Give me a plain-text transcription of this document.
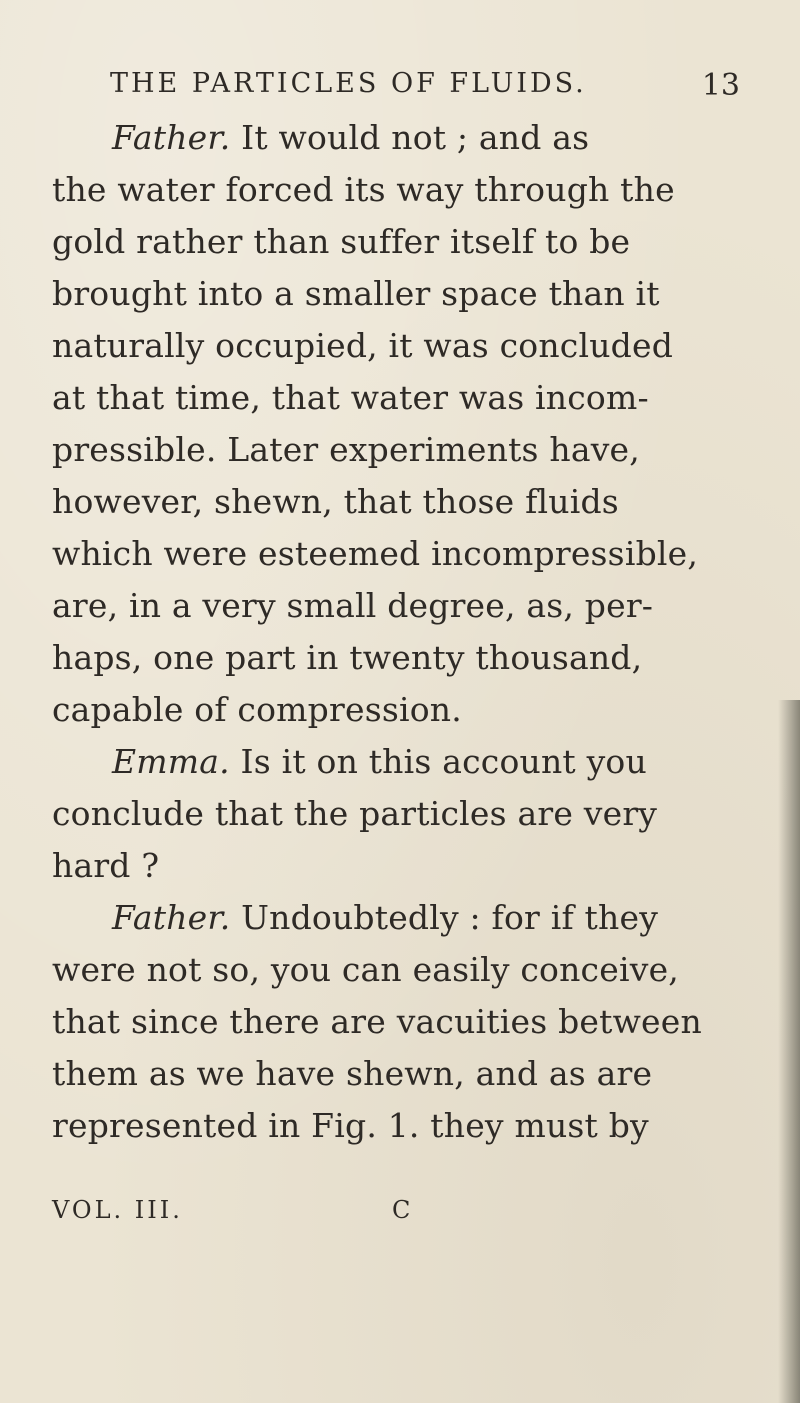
THE PARTICLES OF FLUIDS.	13
Father. It would not ; and as
the water forced its way through the
gold rather than suffer itself to be
brought into a smaller space than it
naturally occupied, it was concluded
at that time, that water was incom-
pressible. Later experiments have,
however, shewn, that those fluids
which were esteemed incompressible,
are, in a very small degree, as, per-
haps, one part in twenty thousand,
capable of compression.
Emma. Is it on this account you
conclude that the particles are very
hard ?
Father. Undoubtedly : for if they
were not so, you can easily conceive,
that since there are vacuities between
them as we have shewn, and as are
represented in Fig. 1. they must by
VOL. III.	C
